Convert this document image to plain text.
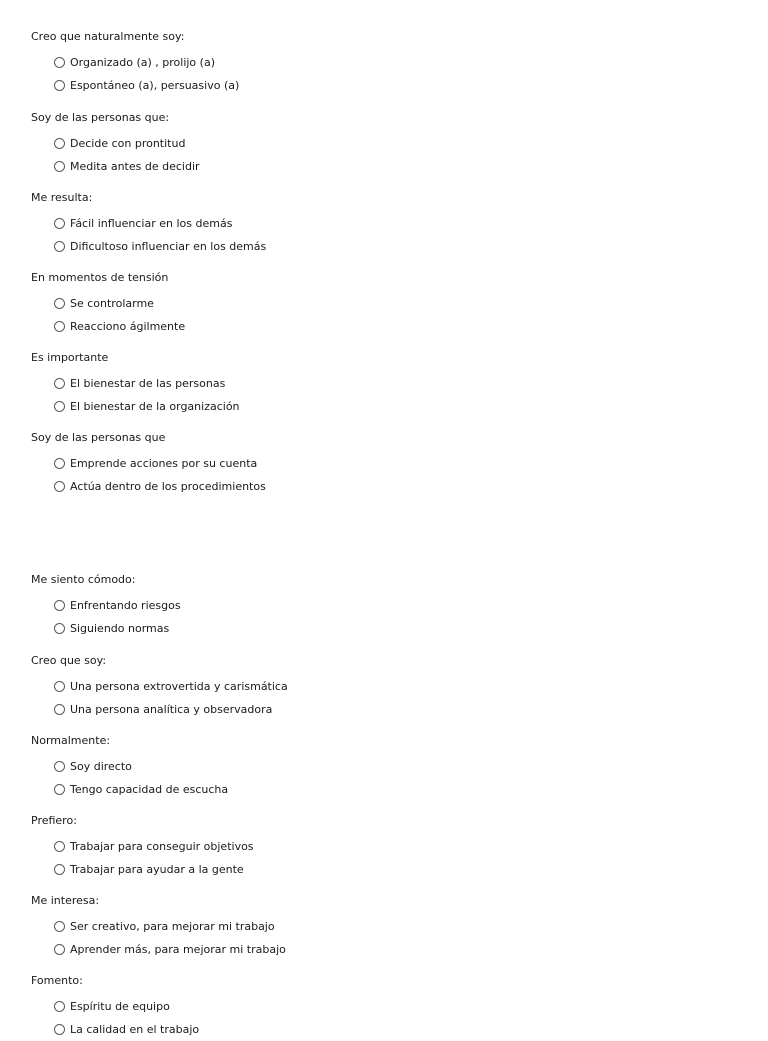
Creo que naturalmente soy:

Organizado (a) , prolijo (a)
Espontáneo (a), persuasivo (a)

Soy de las personas que:

Decide con prontitud
Medita antes de decidir

Me resulta:

Fácil influenciar en los demás
Dificultoso influenciar en los demás

En momentos de tensión

Se controlarme
Reacciono ágilmente

Es importante

El bienestar de las personas
El bienestar de la organización

Soy de las personas que

Emprende acciones por su cuenta
Actúa dentro de los procedimientos

Me siento cómodo:

Enfrentando riesgos
Siguiendo normas

Creo que soy:

Una persona extrovertida y carismática
Una persona analítica y observadora

Normalmente:

Soy directo
Tengo capacidad de escucha

Prefiero:

Trabajar para conseguir objetivos
Trabajar para ayudar a la gente

Me interesa:

Ser creativo, para mejorar mi trabajo
Aprender más, para mejorar mi trabajo

Fomento:

Espíritu de equipo
La calidad en el trabajo
